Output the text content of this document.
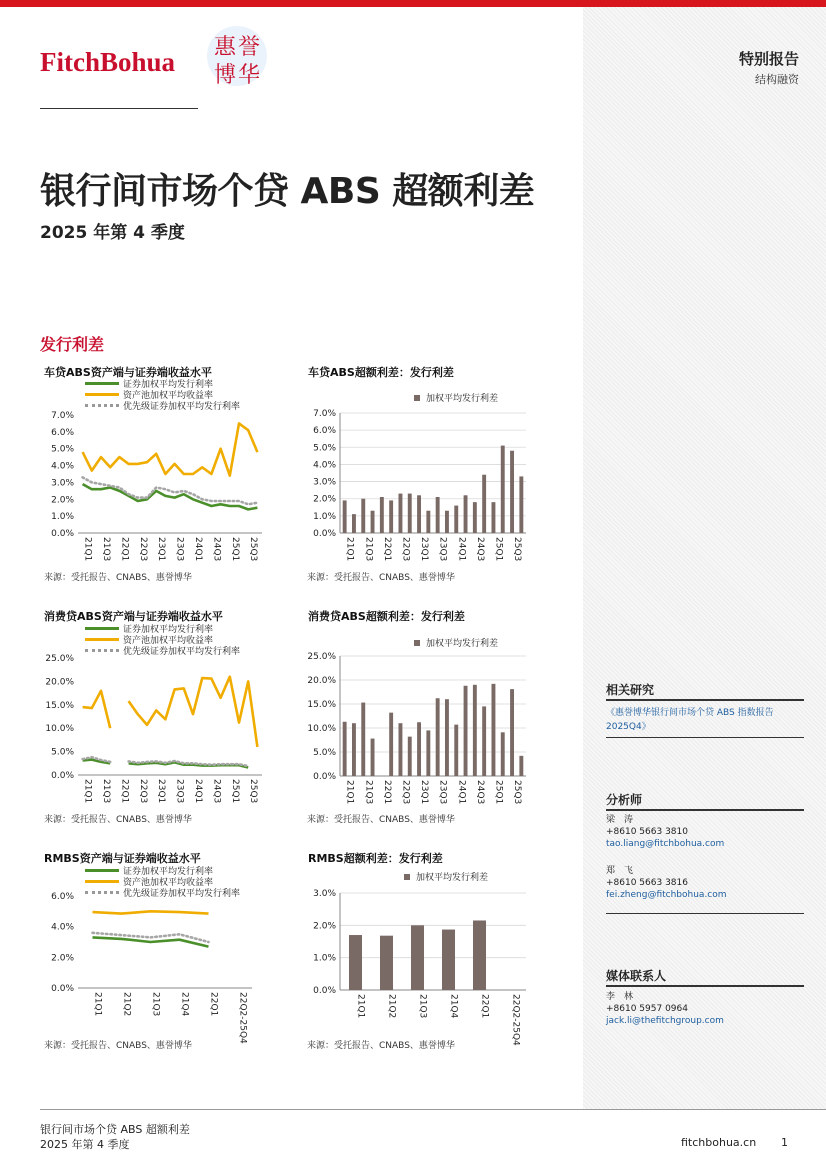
FitchBohua 惠誉
博华
特别报告
结构融资
银行间市场个贷 ABS 超额利差
2025 年第 4 季度
发行利差
车贷ABS资产端与证券端收益水平
证券加权平均发行利率
资产池加权平均收益率
优先级证券加权平均发行利率
0.0%
1.0%
2.0%
3.0%
4.0%
5.0%
6.0%
7.0%
21Q1 21Q3 22Q1 22Q3 23Q1 23Q3 24Q1 24Q3 25Q1 25Q3
来源：受托报告、CNABS、惠誉博华
车贷ABS超额利差：发行利差
加权平均发行利差
0.0%
1.0%
2.0%
3.0%
4.0%
5.0%
6.0%
7.0%
21Q1 21Q3 22Q1 22Q3 23Q1 23Q3 24Q1 24Q3 25Q1 25Q3
来源：受托报告、CNABS、惠誉博华
消费贷ABS资产端与证券端收益水平
证券加权平均发行利率
资产池加权平均收益率
优先级证券加权平均发行利率
0.0%
5.0%
10.0%
15.0%
20.0%
25.0%
21Q1 21Q3 22Q1 22Q3 23Q1 23Q3 24Q1 24Q3 25Q1 25Q3
来源：受托报告、CNABS、惠誉博华
消费贷ABS超额利差：发行利差
加权平均发行利差
0.0%
5.0%
10.0%
15.0%
20.0%
25.0%
21Q1 21Q3 22Q1 22Q3 23Q1 23Q3 24Q1 24Q3 25Q1 25Q3
来源：受托报告、CNABS、惠誉博华
RMBS资产端与证券端收益水平
证券加权平均发行利率
资产池加权平均收益率
优先级证券加权平均发行利率
0.0%
2.0%
4.0%
6.0%
21Q1 21Q2 21Q3 21Q4 22Q1 22Q2-25Q4
来源：受托报告、CNABS、惠誉博华
RMBS超额利差：发行利差
加权平均发行利差
0.0%
1.0%
2.0%
3.0%
21Q1 21Q2 21Q3 21Q4 22Q1 22Q2-25Q4
来源：受托报告、CNABS、惠誉博华
相关研究
《惠誉博华银行间市场个贷 ABS 指数报告 2025Q4》
分析师
梁　涛
+8610 5663 3810
tao.liang@fitchbohua.com
郑　飞
+8610 5663 3816
fei.zheng@fitchbohua.com
媒体联系人
李　林
+8610 5957 0964
jack.li@thefitchgroup.com
银行间市场个贷 ABS 超额利差
2025 年第 4 季度	fitchbohua.cn 1
